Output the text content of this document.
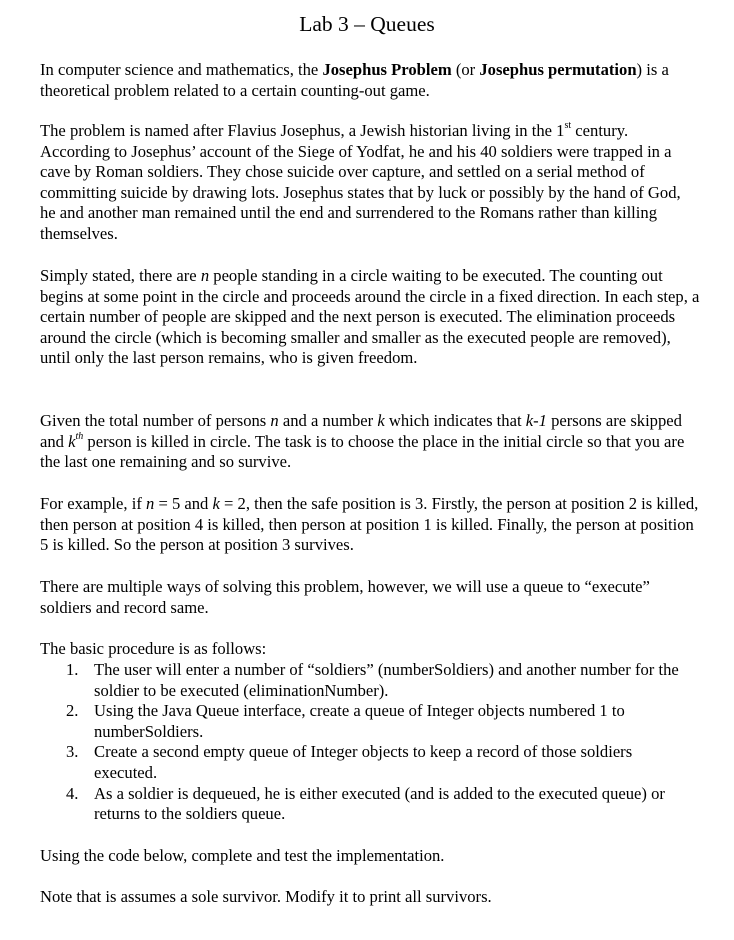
Lab 3 – Queues

In computer science and mathematics, the Josephus Problem (or Josephus permutation) is a theoretical problem related to a certain counting-out game.

The problem is named after Flavius Josephus, a Jewish historian living in the 1st century. According to Josephus’ account of the Siege of Yodfat, he and his 40 soldiers were trapped in a cave by Roman soldiers. They chose suicide over capture, and settled on a serial method of committing suicide by drawing lots. Josephus states that by luck or possibly by the hand of God, he and another man remained until the end and surrendered to the Romans rather than killing themselves.

Simply stated, there are n people standing in a circle waiting to be executed. The counting out begins at some point in the circle and proceeds around the circle in a fixed direction. In each step, a certain number of people are skipped and the next person is executed. The elimination proceeds around the circle (which is becoming smaller and smaller as the executed people are removed), until only the last person remains, who is given freedom.

Given the total number of persons n and a number k which indicates that k-1 persons are skipped and $k^{th}$ person is killed in circle. The task is to choose the place in the initial circle so that you are the last one remaining and so survive.

For example, if n = 5 and k = 2, then the safe position is 3. Firstly, the person at position 2 is killed, then person at position 4 is killed, then person at position 1 is killed. Finally, the person at position 5 is killed. So the person at position 3 survives.

There are multiple ways of solving this problem, however, we will use a queue to “execute” soldiers and record same.

The basic procedure is as follows:

1. The user will enter a number of “soldiers” (numberSoldiers) and another number for the soldier to be executed (eliminationNumber).
2. Using the Java Queue interface, create a queue of Integer objects numbered 1 to numberSoldiers.
3. Create a second empty queue of Integer objects to keep a record of those soldiers executed.
4. As a soldier is dequeued, he is either executed (and is added to the executed queue) or returns to the soldiers queue.

Using the code below, complete and test the implementation.

Note that is assumes a sole survivor. Modify it to print all survivors.
